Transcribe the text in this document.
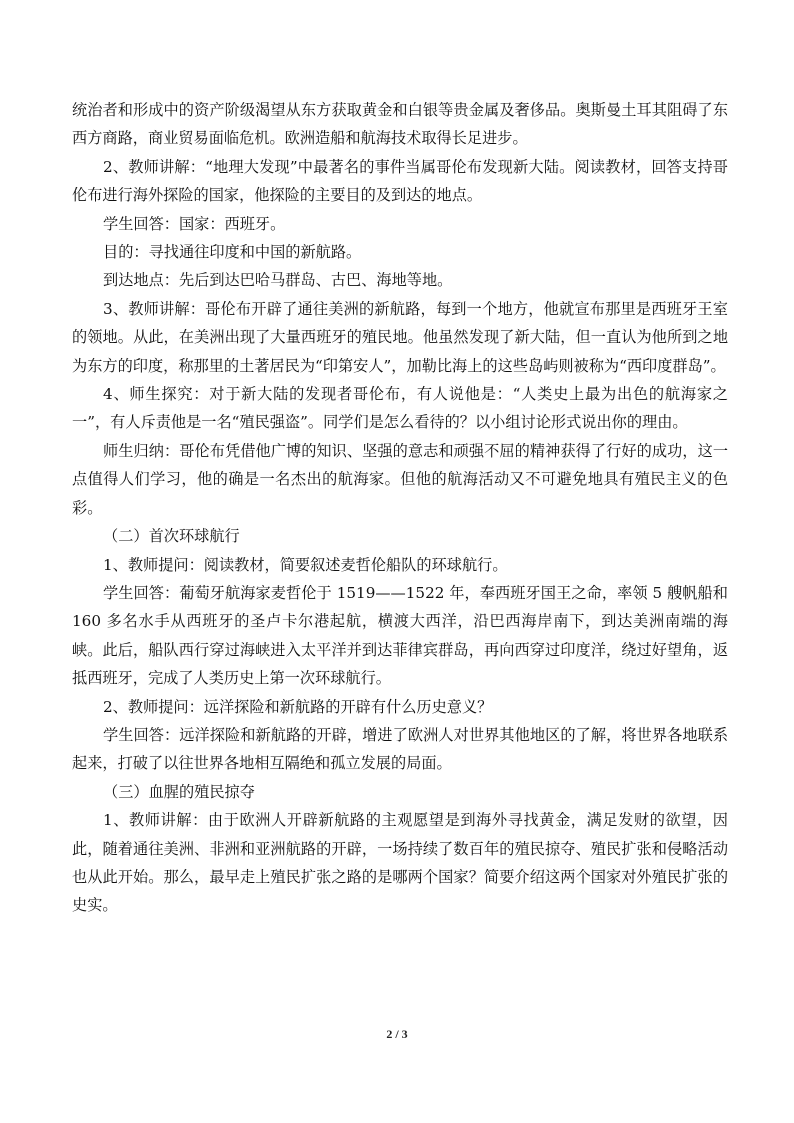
统治者和形成中的资产阶级渴望从东方获取黄金和白银等贵金属及奢侈品。奥斯曼土耳其阻碍了东西方商路，商业贸易面临危机。欧洲造船和航海技术取得长足进步。

2、教师讲解：“地理大发现”中最著名的事件当属哥伦布发现新大陆。阅读教材，回答支持哥伦布进行海外探险的国家，他探险的主要目的及到达的地点。

学生回答：国家：西班牙。

目的：寻找通往印度和中国的新航路。

到达地点：先后到达巴哈马群岛、古巴、海地等地。

3、教师讲解：哥伦布开辟了通往美洲的新航路，每到一个地方，他就宣布那里是西班牙王室的领地。从此，在美洲出现了大量西班牙的殖民地。他虽然发现了新大陆，但一直认为他所到之地为东方的印度，称那里的土著居民为“印第安人”，加勒比海上的这些岛屿则被称为“西印度群岛”。

4、师生探究：对于新大陆的发现者哥伦布，有人说他是：“人类史上最为出色的航海家之一”，有人斥责他是一名“殖民强盗”。同学们是怎么看待的？以小组讨论形式说出你的理由。

师生归纳：哥伦布凭借他广博的知识、坚强的意志和顽强不屈的精神获得了行好的成功，这一点值得人们学习，他的确是一名杰出的航海家。但他的航海活动又不可避免地具有殖民主义的色彩。

（二）首次环球航行

1、教师提问：阅读教材，简要叙述麦哲伦船队的环球航行。

学生回答：葡萄牙航海家麦哲伦于 1519——1522 年，奉西班牙国王之命，率领 5 艘帆船和 160 多名水手从西班牙的圣卢卡尔港起航，横渡大西洋，沿巴西海岸南下，到达美洲南端的海峡。此后，船队西行穿过海峡进入太平洋并到达菲律宾群岛，再向西穿过印度洋，绕过好望角，返抵西班牙，完成了人类历史上第一次环球航行。

2、教师提问：远洋探险和新航路的开辟有什么历史意义？

学生回答：远洋探险和新航路的开辟，增进了欧洲人对世界其他地区的了解，将世界各地联系起来，打破了以往世界各地相互隔绝和孤立发展的局面。

（三）血腥的殖民掠夺

1、教师讲解：由于欧洲人开辟新航路的主观愿望是到海外寻找黄金，满足发财的欲望，因此，随着通往美洲、非洲和亚洲航路的开辟，一场持续了数百年的殖民掠夺、殖民扩张和侵略活动也从此开始。那么，最早走上殖民扩张之路的是哪两个国家？简要介绍这两个国家对外殖民扩张的史实。

2 / 3
